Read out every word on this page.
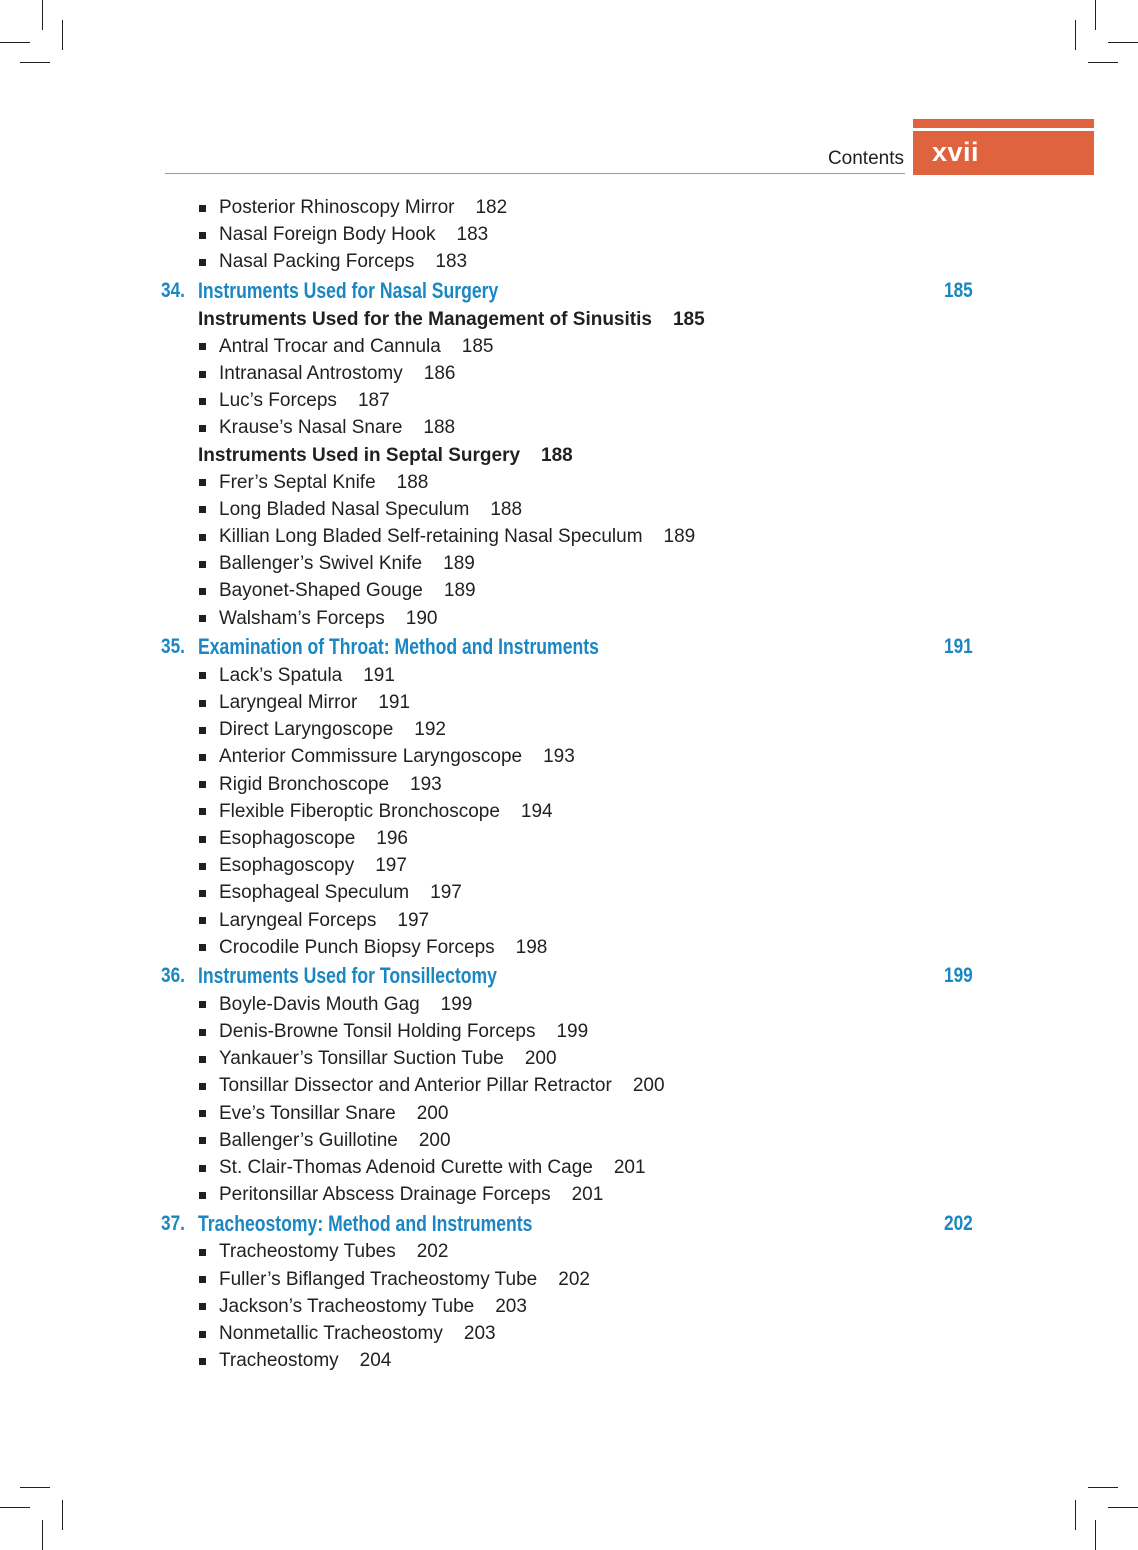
Contents xvii
Posterior Rhinoscopy Mirror 182
Nasal Foreign Body Hook 183
Nasal Packing Forceps 183
34. Instruments Used for Nasal Surgery	185
Instruments Used for the Management of Sinusitis 185
Antral Trocar and Cannula 185
Intranasal Antrostomy 186
Luc’s Forceps 187
Krause’s Nasal Snare 188
Instruments Used in Septal Surgery 188
Frer’s Septal Knife 188
Long Bladed Nasal Speculum 188
Killian Long Bladed Self-retaining Nasal Speculum 189
Ballenger’s Swivel Knife 189
Bayonet-Shaped Gouge 189
Walsham’s Forceps 190
35. Examination of Throat: Method and Instruments	191
Lack’s Spatula 191
Laryngeal Mirror 191
Direct Laryngoscope 192
Anterior Commissure Laryngoscope 193
Rigid Bronchoscope 193
Flexible Fiberoptic Bronchoscope 194
Esophagoscope 196
Esophagoscopy 197
Esophageal Speculum 197
Laryngeal Forceps 197
Crocodile Punch Biopsy Forceps 198
36. Instruments Used for Tonsillectomy	199
Boyle-Davis Mouth Gag 199
Denis-Browne Tonsil Holding Forceps 199
Yankauer’s Tonsillar Suction Tube 200
Tonsillar Dissector and Anterior Pillar Retractor 200
Eve’s Tonsillar Snare 200
Ballenger’s Guillotine 200
St. Clair-Thomas Adenoid Curette with Cage 201
Peritonsillar Abscess Drainage Forceps 201
37. Tracheostomy: Method and Instruments	202
Tracheostomy Tubes 202
Fuller’s Biflanged Tracheostomy Tube 202
Jackson’s Tracheostomy Tube 203
Nonmetallic Tracheostomy 203
Tracheostomy 204
